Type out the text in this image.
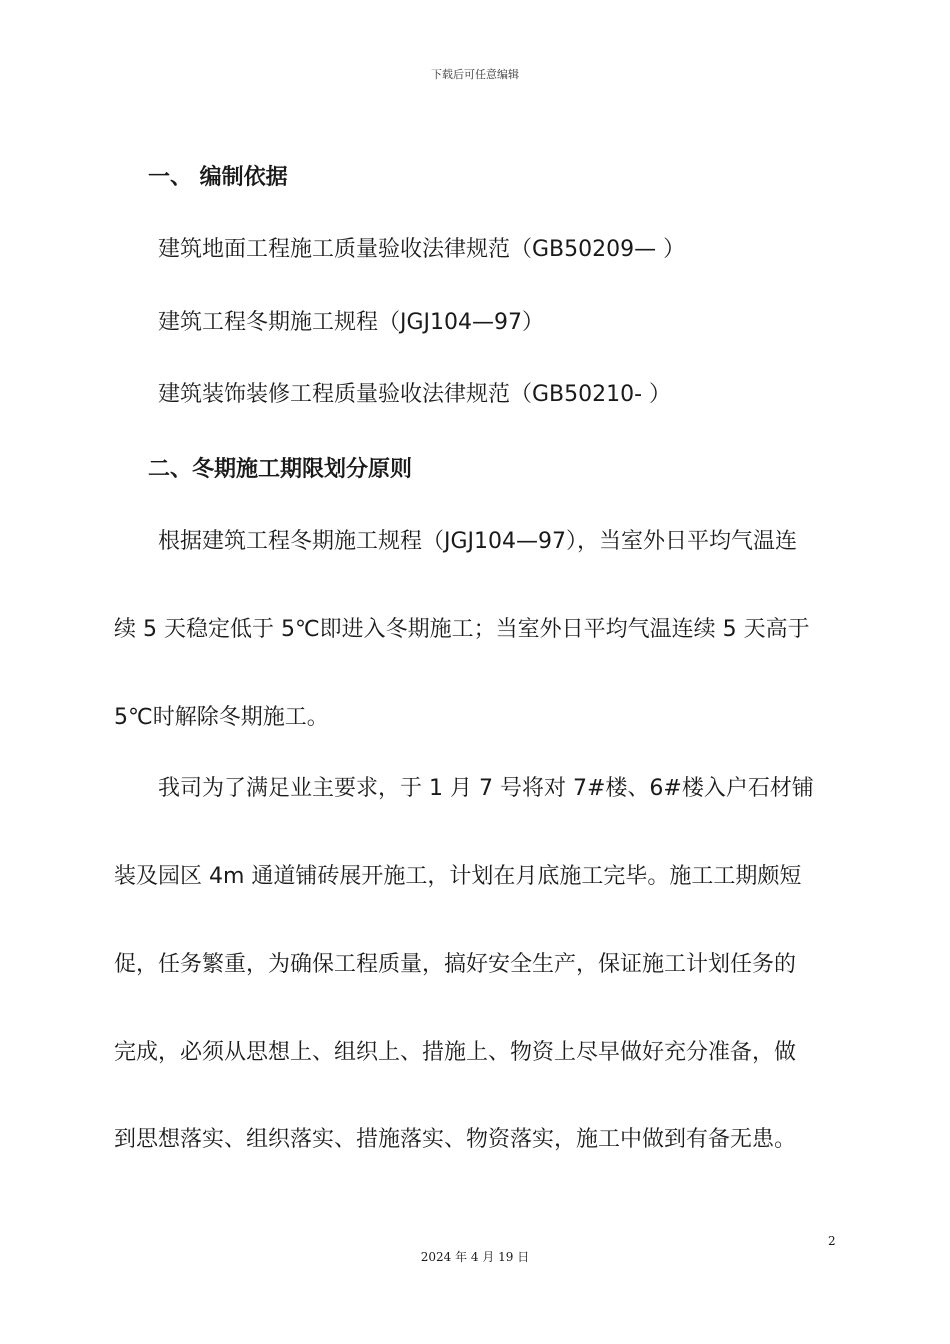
下载后可任意编辑
一、 编制依据
建筑地面工程施工质量验收法律规范（GB50209— ）
建筑工程冬期施工规程（JGJ104—97）
建筑装饰装修工程质量验收法律规范（GB50210- ）
二、冬期施工期限划分原则
根据建筑工程冬期施工规程（JGJ104—97），当室外日平均气温连
续 5 天稳定低于 5℃即进入冬期施工；当室外日平均气温连续 5 天高于
5℃时解除冬期施工。
我司为了满足业主要求，于 1 月 7 号将对 7#楼、6#楼入户石材铺
装及园区 4m 通道铺砖展开施工，计划在月底施工完毕。施工工期颇短
促，任务繁重，为确保工程质量，搞好安全生产，保证施工计划任务的
完成，必须从思想上、组织上、措施上、物资上尽早做好充分准备，做
到思想落实、组织落实、措施落实、物资落实，施工中做到有备无患。
2
2024 年 4 月 19 日
